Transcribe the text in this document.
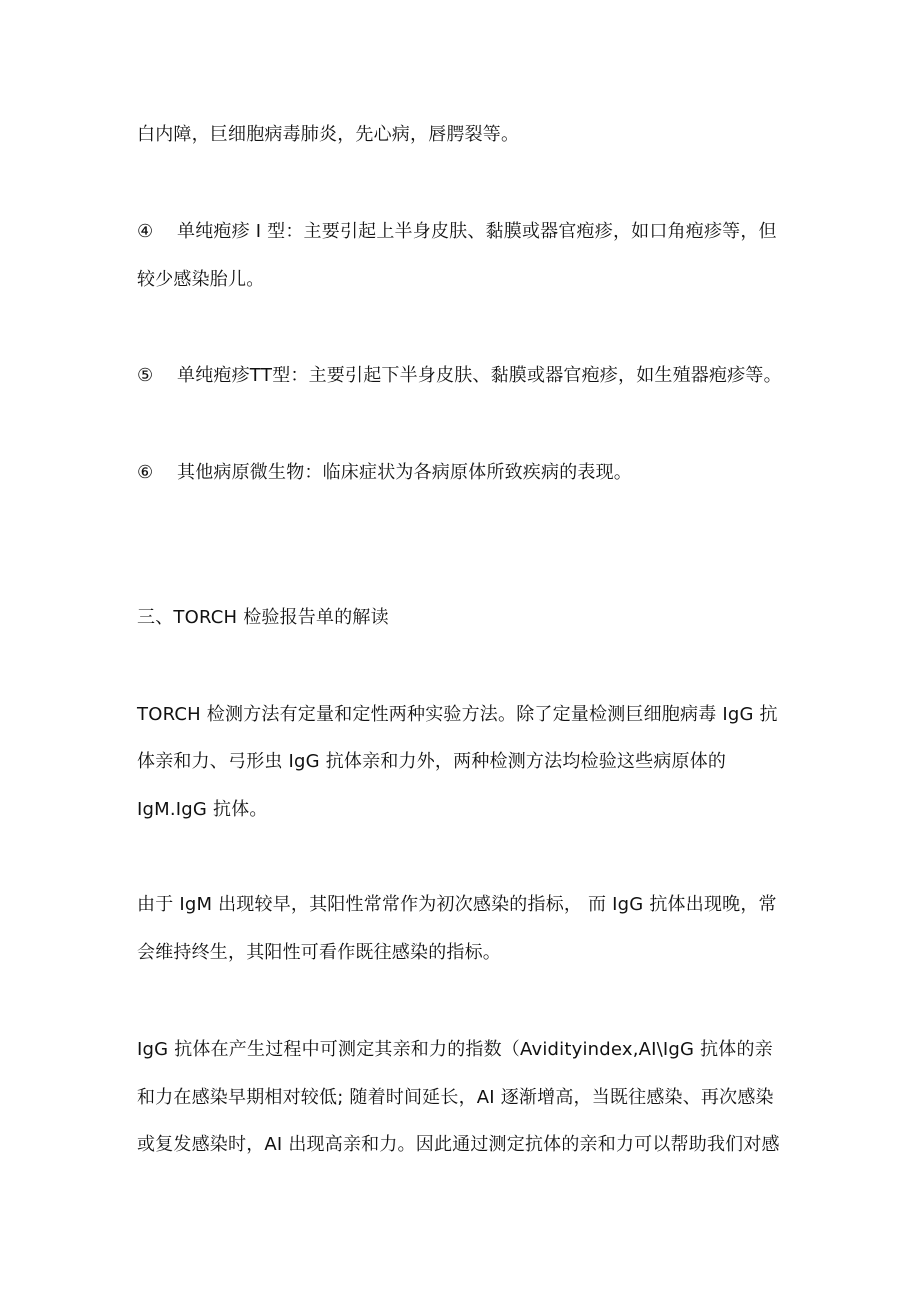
白内障，巨细胞病毒肺炎，先心病，唇腭裂等。
④ 单纯疱疹 I 型：主要引起上半身皮肤、黏膜或器官疱疹，如口角疱疹等，但
较少感染胎儿。
⑤ 单纯疱疹ΤΤ型：主要引起下半身皮肤、黏膜或器官疱疹，如生殖器疱疹等。
⑥ 其他病原微生物：临床症状为各病原体所致疾病的表现。
三、TORCH 检验报告单的解读
TORCH 检测方法有定量和定性两种实验方法。除了定量检测巨细胞病毒 IgG 抗
体亲和力、弓形虫 IgG 抗体亲和力外，两种检测方法均检验这些病原体的
IgM.IgG 抗体。
由于 IgM 出现较早，其阳性常常作为初次感染的指标， 而 IgG 抗体出现晚，常
会维持终生，其阳性可看作既往感染的指标。
IgG 抗体在产生过程中可测定其亲和力的指数（Avidityindex,AI\IgG 抗体的亲
和力在感染早期相对较低; 随着时间延长，AI 逐渐增高，当既往感染、再次感染
或复发感染时，AI 出现高亲和力。因此通过测定抗体的亲和力可以帮助我们对感
